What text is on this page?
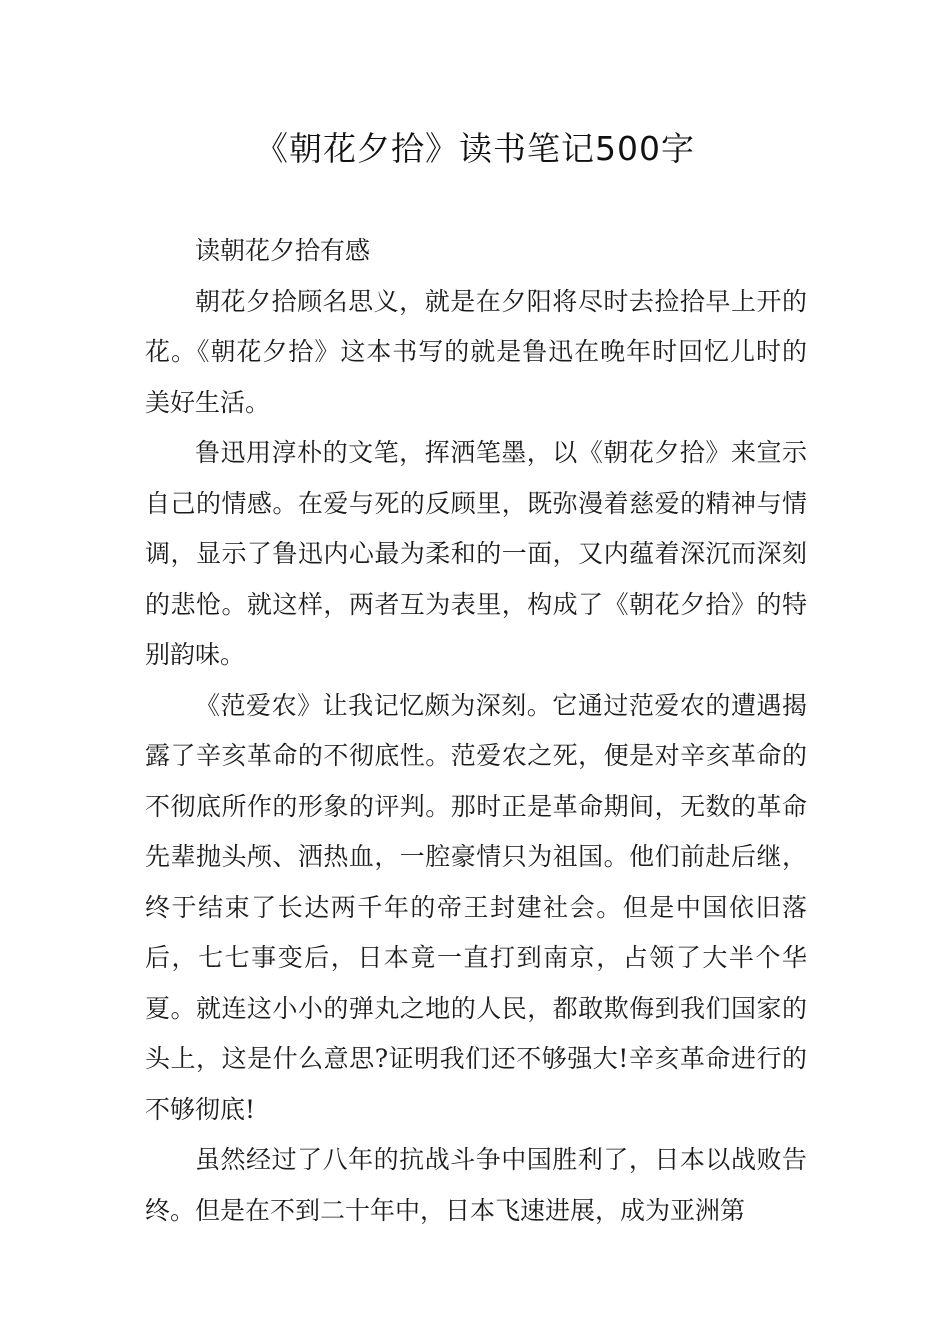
《朝花夕拾》读书笔记500字

读朝花夕拾有感

朝花夕拾顾名思义，就是在夕阳将尽时去捡拾早上开的花。《朝花夕拾》这本书写的就是鲁迅在晚年时回忆儿时的美好生活。

鲁迅用淳朴的文笔，挥洒笔墨，以《朝花夕拾》来宣示自己的情感。在爱与死的反顾里，既弥漫着慈爱的精神与情调，显示了鲁迅内心最为柔和的一面，又内蕴着深沉而深刻的悲怆。就这样，两者互为表里，构成了《朝花夕拾》的特别韵味。

《范爱农》让我记忆颇为深刻。它通过范爱农的遭遇揭露了辛亥革命的不彻底性。范爱农之死，便是对辛亥革命的不彻底所作的形象的评判。那时正是革命期间，无数的革命先辈抛头颅、洒热血，一腔豪情只为祖国。他们前赴后继，终于结束了长达两千年的帝王封建社会。但是中国依旧落后，七七事变后，日本竟一直打到南京，占领了大半个华夏。就连这小小的弹丸之地的人民，都敢欺侮到我们国家的头上，这是什么意思?证明我们还不够强大!辛亥革命进行的不够彻底!

虽然经过了八年的抗战斗争中国胜利了，日本以战败告终。但是在不到二十年中，日本飞速进展，成为亚洲第
